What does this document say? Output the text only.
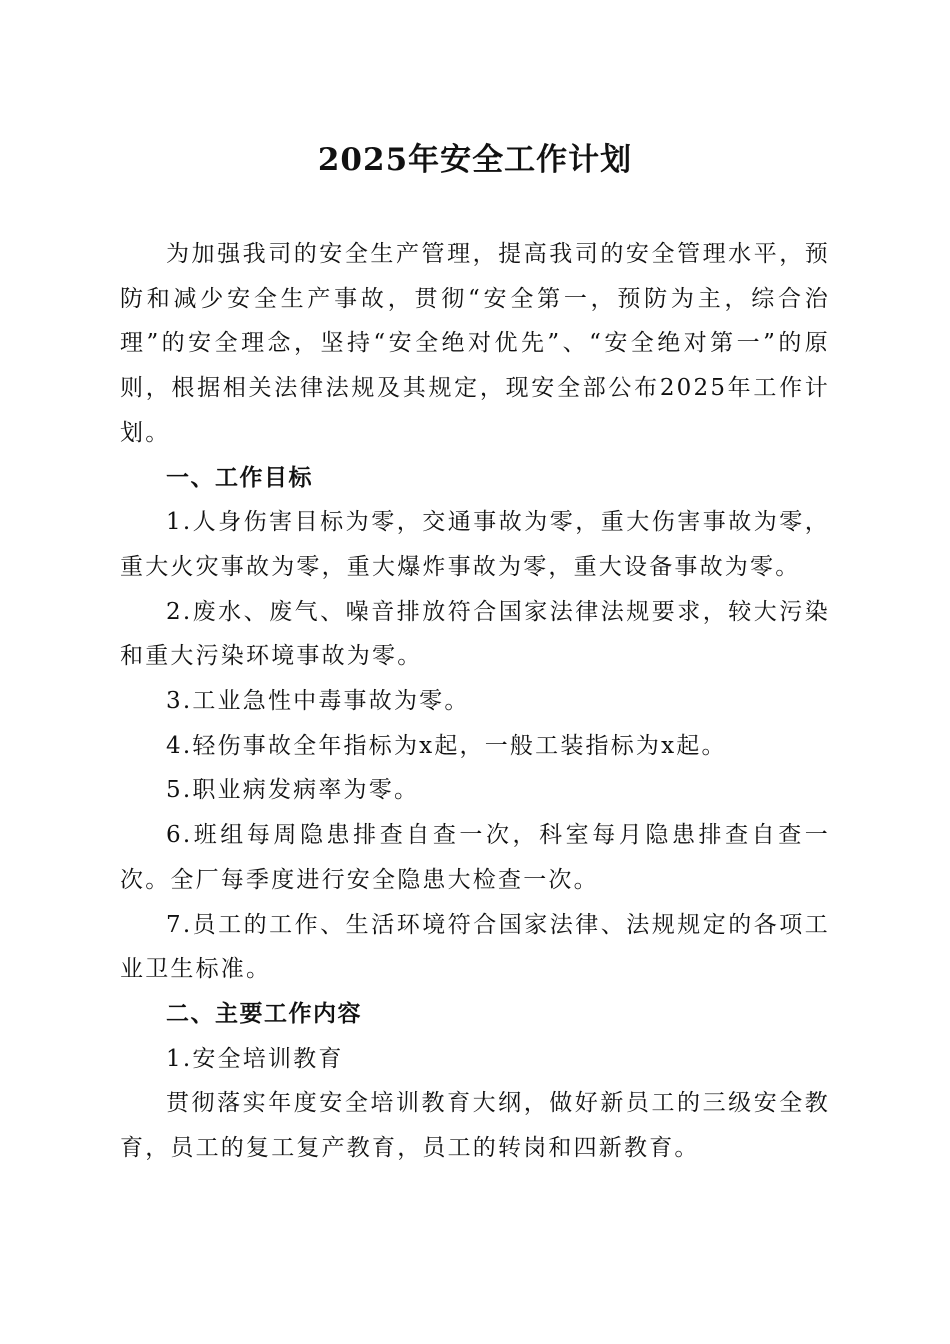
2025年安全工作计划

为加强我司的安全生产管理，提高我司的安全管理水平，预防和减少安全生产事故，贯彻“安全第一，预防为主，综合治理”的安全理念，坚持“安全绝对优先”、“安全绝对第一”的原则，根据相关法律法规及其规定，现安全部公布2025年工作计划。

一、工作目标

1.人身伤害目标为零，交通事故为零，重大伤害事故为零，重大火灾事故为零，重大爆炸事故为零，重大设备事故为零。

2.废水、废气、噪音排放符合国家法律法规要求，较大污染和重大污染环境事故为零。

3.工业急性中毒事故为零。

4.轻伤事故全年指标为x起，一般工装指标为x起。

5.职业病发病率为零。

6.班组每周隐患排查自查一次，科室每月隐患排查自查一次。全厂每季度进行安全隐患大检查一次。

7.员工的工作、生活环境符合国家法律、法规规定的各项工业卫生标准。

二、主要工作内容

1.安全培训教育

贯彻落实年度安全培训教育大纲，做好新员工的三级安全教育，员工的复工复产教育，员工的转岗和四新教育。
